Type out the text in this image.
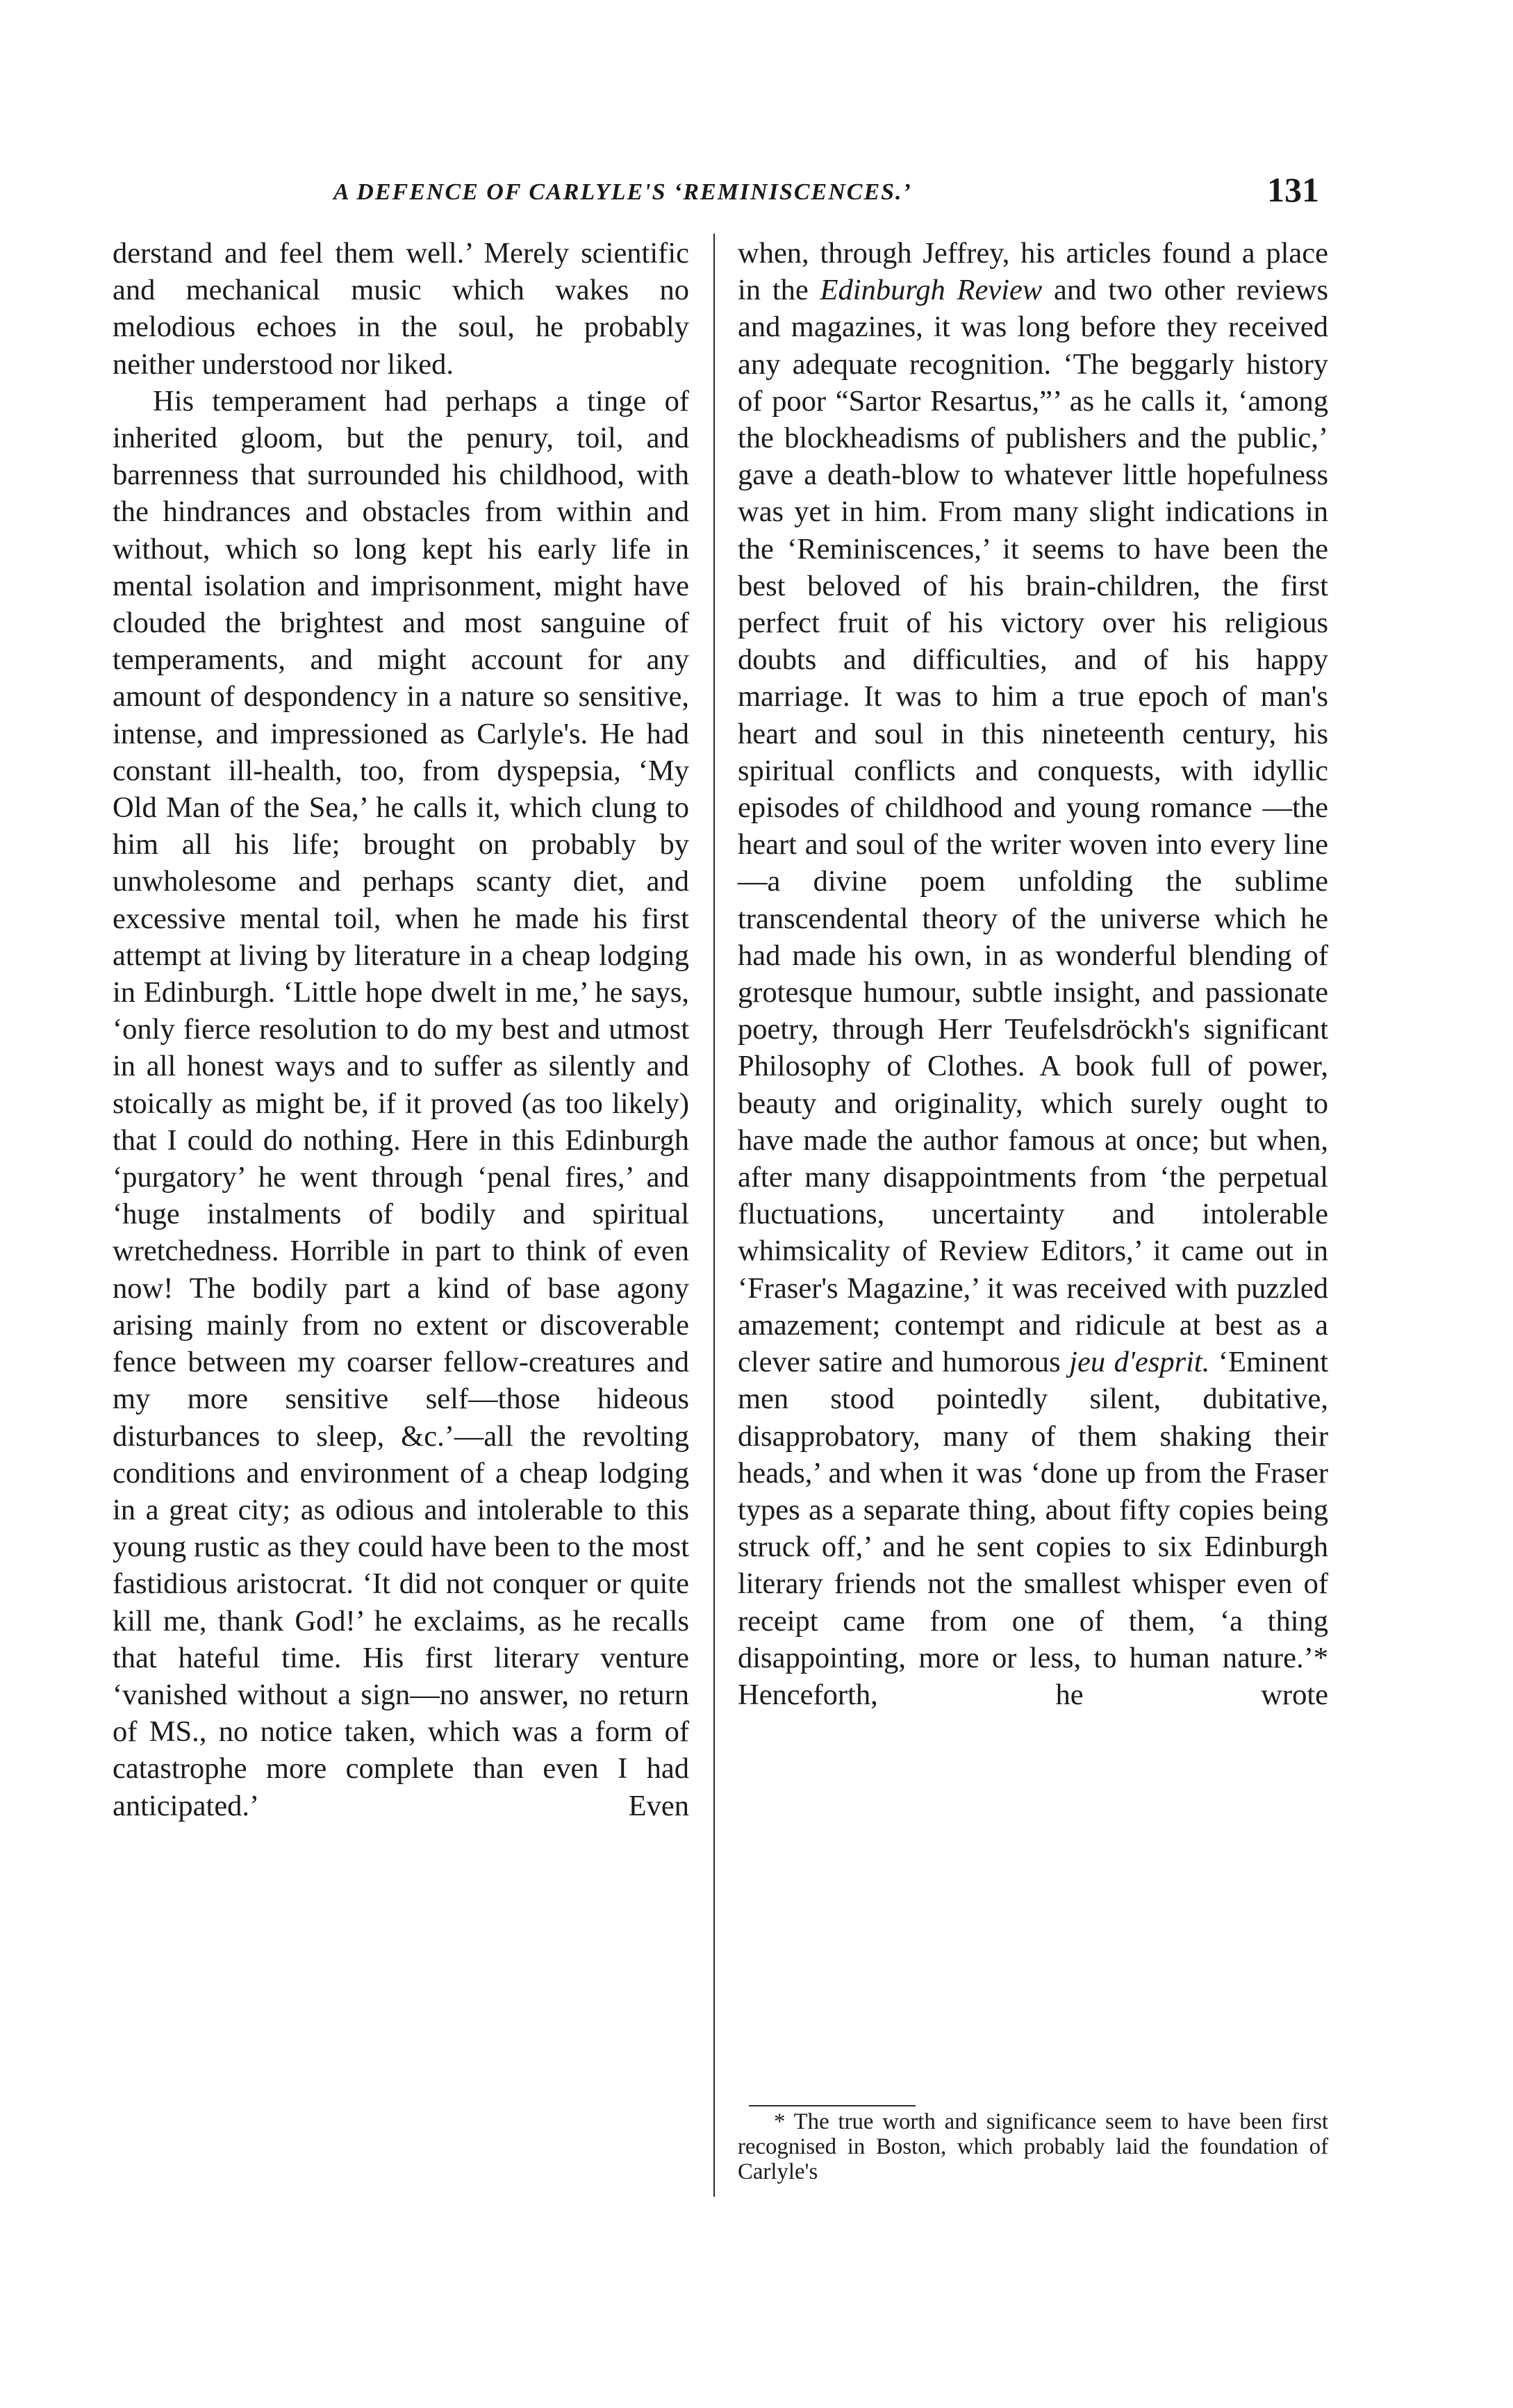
A DEFENCE OF CARLYLE'S ‘REMINISCENCES.’	131

derstand and feel them well.’ Merely scientific and mechanical music which wakes no melodious echoes in the soul, he probably neither understood nor liked.

His temperament had perhaps a tinge of inherited gloom, but the penury, toil, and barrenness that surrounded his childhood, with the hindrances and obstacles from within and without, which so long kept his early life in mental isolation and imprisonment, might have clouded the brightest and most sanguine of temperaments, and might account for any amount of despondency in a nature so sensitive, intense, and impressioned as Carlyle's. He had constant ill-health, too, from dyspepsia, ‘My Old Man of the Sea,’ he calls it, which clung to him all his life; brought on probably by unwholesome and perhaps scanty diet, and excessive mental toil, when he made his first attempt at living by literature in a cheap lodging in Edinburgh. ‘Little hope dwelt in me,’ he says, ‘only fierce resolution to do my best and utmost in all honest ways and to suffer as silently and stoically as might be, if it proved (as too likely) that I could do nothing. Here in this Edinburgh ‘purgatory’ he went through ‘penal fires,’ and ‘huge instalments of bodily and spiritual wretchedness. Horrible in part to think of even now! The bodily part a kind of base agony arising mainly from no extent or discoverable fence between my coarser fellow-creatures and my more sensitive self—those hideous disturbances to sleep, &c.’—all the revolting conditions and environment of a cheap lodging in a great city; as odious and intolerable to this young rustic as they could have been to the most fastidious aristocrat. ‘It did not conquer or quite kill me, thank God!’ he exclaims, as he recalls that hateful time. His first literary venture ‘vanished without a sign—no answer, no return of MS., no notice taken, which was a form of catastrophe more complete than even I had anticipated.’ Even

when, through Jeffrey, his articles found a place in the Edinburgh Review and two other reviews and magazines, it was long before they received any adequate recognition. ‘The beggarly history of poor “Sartor Resartus,”’ as he calls it, ‘among the blockheadisms of publishers and the public,’ gave a death-blow to whatever little hopefulness was yet in him. From many slight indications in the ‘Reminiscences,’ it seems to have been the best beloved of his brain-children, the first perfect fruit of his victory over his religious doubts and difficulties, and of his happy marriage. It was to him a true epoch of man's heart and soul in this nineteenth century, his spiritual conflicts and conquests, with idyllic episodes of childhood and young romance —the heart and soul of the writer woven into every line—a divine poem unfolding the sublime transcendental theory of the universe which he had made his own, in as wonderful blending of grotesque humour, subtle insight, and passionate poetry, through Herr Teufelsdröckh's significant Philosophy of Clothes. A book full of power, beauty and originality, which surely ought to have made the author famous at once; but when, after many disappointments from ‘the perpetual fluctuations, uncertainty and intolerable whimsicality of Review Editors,’ it came out in ‘Fraser's Magazine,’ it was received with puzzled amazement; contempt and ridicule at best as a clever satire and humorous jeu d'esprit. ‘Eminent men stood pointedly silent, dubitative, disapprobatory, many of them shaking their heads,’ and when it was ‘done up from the Fraser types as a separate thing, about fifty copies being struck off,’ and he sent copies to six Edinburgh literary friends not the smallest whisper even of receipt came from one of them, ‘a thing disappointing, more or less, to human nature.’* Henceforth, he wrote

* The true worth and significance seem to have been first recognised in Boston, which probably laid the foundation of Carlyle's
